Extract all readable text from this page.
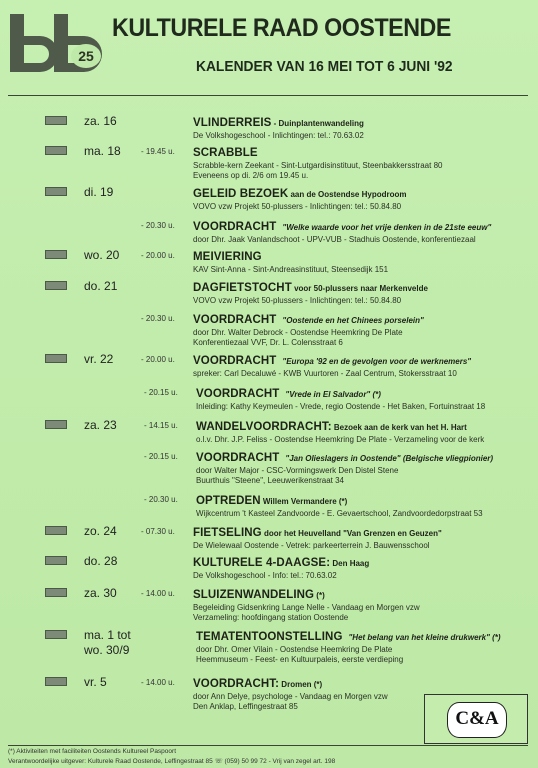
25
KULTURELE RAAD OOSTENDE
KALENDER VAN 16 MEI TOT 6 JUNI '92
za. 16	VLINDERREIS - Duinplantenwandeling
De Volkshogeschool - Inlichtingen: tel.: 70.63.02
ma. 18	- 19.45 u. SCRABBLE
Scrabble-kern Zeekant - Sint-Lutgardisinstituut, Steenbakkersstraat 80
Eveneens op di. 2/6 om 19.45 u.
di. 19	GELEID BEZOEK aan de Oostendse Hypodroom
VOVO vzw Projekt 50-plussers - Inlichtingen: tel.: 50.84.80
- 20.30 u. VOORDRACHT "Welke waarde voor het vrije denken in de 21ste eeuw"
door Dhr. Jaak Vanlandschoot - UPV-VUB - Stadhuis Oostende, konferentiezaal
wo. 20	- 20.00 u. MEIVIERING
KAV Sint-Anna - Sint-Andreasinstituut, Steensedijk 151
do. 21	DAGFIETSTOCHT voor 50-plussers naar Merkenvelde
VOVO vzw Projekt 50-plussers - Inlichtingen: tel.: 50.84.80
- 20.30 u. VOORDRACHT "Oostende en het Chinees porselein"
door Dhr. Walter Debrock - Oostendse Heemkring De Plate
Konferentiezaal VVF, Dr. L. Colensstraat 6
vr. 22	- 20.00 u. VOORDRACHT "Europa '92 en de gevolgen voor de werknemers"
spreker: Carl Decaluwé - KWB Vuurtoren - Zaal Centrum, Stokersstraat 10
- 20.15 u. VOORDRACHT "Vrede in El Salvador" (*)
Inleiding: Kathy Keymeulen - Vrede, regio Oostende - Het Baken, Fortuinstraat 18
za. 23	- 14.15 u. WANDELVOORDRACHT: Bezoek aan de kerk van het H. Hart
o.l.v. Dhr. J.P. Feliss - Oostendse Heemkring De Plate - Verzameling voor de kerk
- 20.15 u. VOORDRACHT "Jan Olieslagers in Oostende" (Belgische vliegpionier)
door Walter Major - CSC-Vormingswerk Den Distel Stene
Buurthuis "Steene", Leeuwerikenstraat 34
- 20.30 u. OPTREDEN Willem Vermandere (*)
Wijkcentrum 't Kasteel Zandvoorde - E. Gevaertschool, Zandvoordedorpstraat 53
zo. 24	- 07.30 u. FIETSELING door het Heuvelland "Van Grenzen en Geuzen"
De Wielewaal Oostende - Vetrek: parkeerterrein J. Bauwensschool
do. 28	KULTURELE 4-DAAGSE: Den Haag
De Volkshogeschool - Info: tel.: 70.63.02
za. 30	- 14.00 u. SLUIZENWANDELING (*)
Begeleiding Gidsenkring Lange Nelle - Vandaag en Morgen vzw
Verzameling: hoofdingang station Oostende
ma. 1 tot
wo. 30/9
TEMATENTOONSTELLING "Het belang van het kleine drukwerk" (*)
door Dhr. Omer Vilain - Oostendse Heemkring De Plate
Heemmuseum - Feest- en Kultuurpaleis, eerste verdieping
vr. 5	- 14.00 u. VOORDRACHT: Dromen (*)
door Ann Delye, psychologe - Vandaag en Morgen vzw
Den Anklap, Leffingestraat 85
C&A
(*) Aktiviteiten met faciliteiten Oostends Kultureel Paspoort
Verantwoordelijke uitgever: Kulturele Raad Oostende, Leffingestraat 85 ☏ (059) 50 99 72 - Vrij van zegel art. 198
